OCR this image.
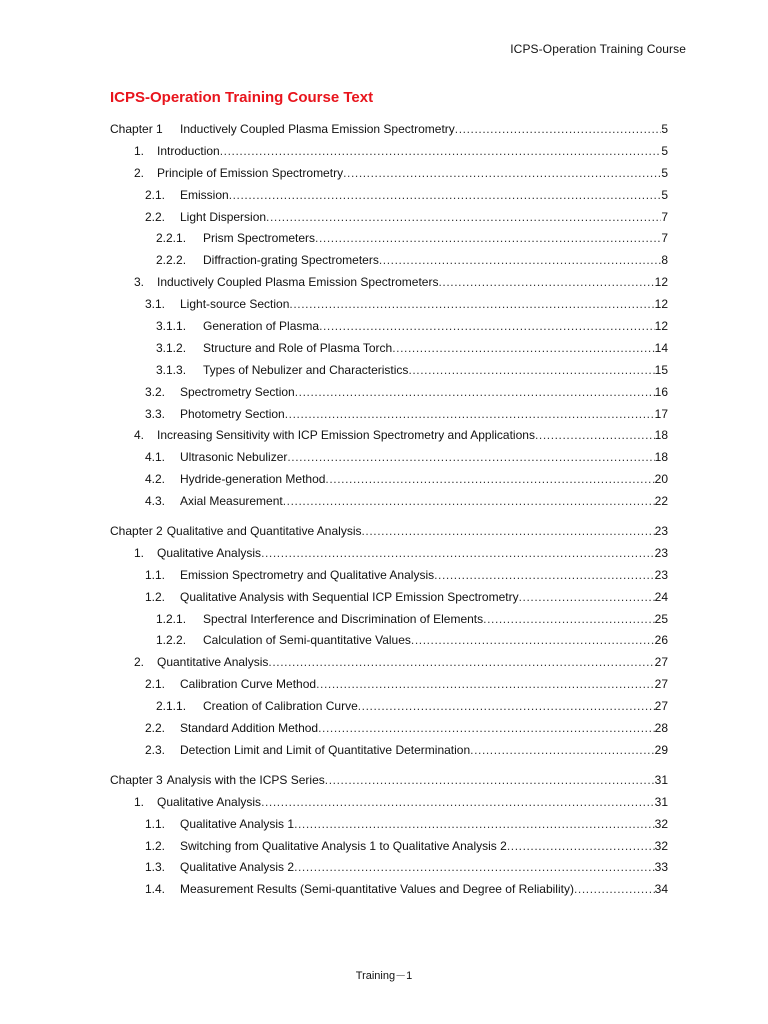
ICPS-Operation Training Course
ICPS-Operation Training Course Text
Chapter 1	Inductively Coupled Plasma Emission Spectrometry .....	5
1.	Introduction .....	5
2.	Principle of Emission Spectrometry .....	5
2.1.	Emission .....	5
2.2.	Light Dispersion .....	7
2.2.1.	Prism Spectrometers .....	7
2.2.2.	Diffraction-grating Spectrometers .....	8
3.	Inductively Coupled Plasma Emission Spectrometers .....	12
3.1.	Light-source Section .....	12
3.1.1.	Generation of Plasma .....	12
3.1.2.	Structure and Role of Plasma Torch .....	14
3.1.3.	Types of Nebulizer and Characteristics .....	15
3.2.	Spectrometry Section .....	16
3.3.	Photometry Section .....	17
4.	Increasing Sensitivity with ICP Emission Spectrometry and Applications .....	18
4.1.	Ultrasonic Nebulizer .....	18
4.2.	Hydride-generation Method .....	20
4.3.	Axial Measurement .....	22
Chapter 2 Qualitative and Quantitative Analysis .....	23
1.	Qualitative Analysis .....	23
1.1.	Emission Spectrometry and Qualitative Analysis .....	23
1.2.	Qualitative Analysis with Sequential ICP Emission Spectrometry .....	24
1.2.1.	Spectral Interference and Discrimination of Elements .....	25
1.2.2.	Calculation of Semi-quantitative Values .....	26
2.	Quantitative Analysis .....	27
2.1.	Calibration Curve Method .....	27
2.1.1.	Creation of Calibration Curve .....	27
2.2.	Standard Addition Method .....	28
2.3.	Detection Limit and Limit of Quantitative Determination .....	29
Chapter 3 Analysis with the ICPS Series .....	31
1.	Qualitative Analysis .....	31
1.1.	Qualitative Analysis 1 .....	32
1.2.	Switching from Qualitative Analysis 1 to Qualitative Analysis 2 .....	32
1.3.	Qualitative Analysis 2 .....	33
1.4.	Measurement Results (Semi-quantitative Values and Degree of Reliability) .....	34
Training－1
